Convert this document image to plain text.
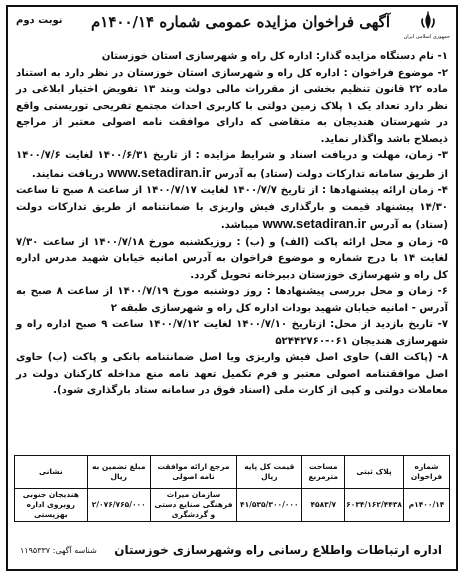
جمهوری اسلامی ایران
آگهی فراخوان مزایده عمومی شماره ۱۴۰۰/۱۴م
نوبت دوم

۱- نام دستگاه مزایده گذار: اداره کل راه و شهرسازی استان خوزستان

۲- موضوع فراخوان : اداره کل راه و شهرسازی استان خوزستان در نظر دارد به استناد ماده ۲۲ قانون تنظیم بخشی از مقررات مالی دولت وبند ۱۳ تفویض اختیار ابلاغی در نظر دارد تعداد یک ۱ پلاک زمین دولتی با کاربری احداث مجتمع تفریحی توریستی واقع در شهرستان هندیجان به متقاضی که دارای موافقت نامه اصولی معتبر از مراجع ذیصلاح باشد واگذار نماید.

۳- زمان، مهلت و دریافت اسناد و شرایط مزایده : از تاریخ ۱۴۰۰/۶/۳۱ لغایت ۱۴۰۰/۷/۶ از طریق سامانه تدارکات دولت (ستاد) به آدرس www.setadiran.ir دریافت نمایند.

۴- زمان ارائه پیشنهادها : از تاریخ ۱۴۰۰/۷/۷ لغایت ۱۴۰۰/۷/۱۷ از ساعت ۸ صبح تا ساعت ۱۴/۳۰ پیشنهاد قیمت و بارگذاری فیش واریزی با ضمانتنامه از طریق تدارکات دولت (ستاد) به آدرس www.setadiran.ir میباشد.

۵- زمان و محل ارائه پاکت (الف) و (ب) : روزیکشنبه مورخ ۱۴۰۰/۷/۱۸ از ساعت ۷/۳۰ لغایت ۱۴ با درج شماره و موضوع فراخوان به آدرس امانیه خیابان شهید مدرس اداره کل راه و شهرسازی خوزستان دبیرخانه تحویل گردد.

۶- زمان و محل بررسی پیشنهادها : روز دوشنبه مورخ ۱۴۰۰/۷/۱۹ از ساعت ۸ صبح به آدرس - امانیه خیابان شهید بودات اداره کل راه و شهرسازی طبقه ۲

۷- تاریخ بازدید از محل: ازتاریخ ۱۴۰۰/۷/۱۰ لغایت ۱۴۰۰/۷/۱۲ ساعت ۹ صبح اداره راه و شهرسازی هندیجان ۰۶۱-۵۲۴۴۲۷۶۰

۸- (پاکت الف) حاوی اصل فیش واریزی ویا اصل ضمانتنامه بانکی و پاکت (ب) حاوی اصل موافقتنامه اصولی معتبر و فرم تکمیل تعهد نامه منع مداخله کارکنان دولت در معاملات دولتی و کپی از کارت ملی (اسناد فوق در سامانه ستاد بارگذاری شود).

شماره فراخوان	پلاک ثبتی	مساحت مترمربع	قیمت کل پایه ریال	مرجع ارائه موافقت نامه اصولی	مبلغ تضمین به ریال	نشانی
۱۴۰۰/۱۴م	۶۰۳۴/۱۶۲/۴۴۳۸	۴۵۸۳/۷	۴۱/۵۳۵/۳۰۰/۰۰۰	سازمان میراث فرهنگی صنایع دستی و گردشگری	۲/۰۷۶/۷۶۵/۰۰۰	هندیجان جنوبی روبروی اداره بهزیستی
اداره ارتباطات واطلاع رسانی راه وشهرسازی خوزستان
شناسه آگهی: ۱۱۹۵۳۳۷
